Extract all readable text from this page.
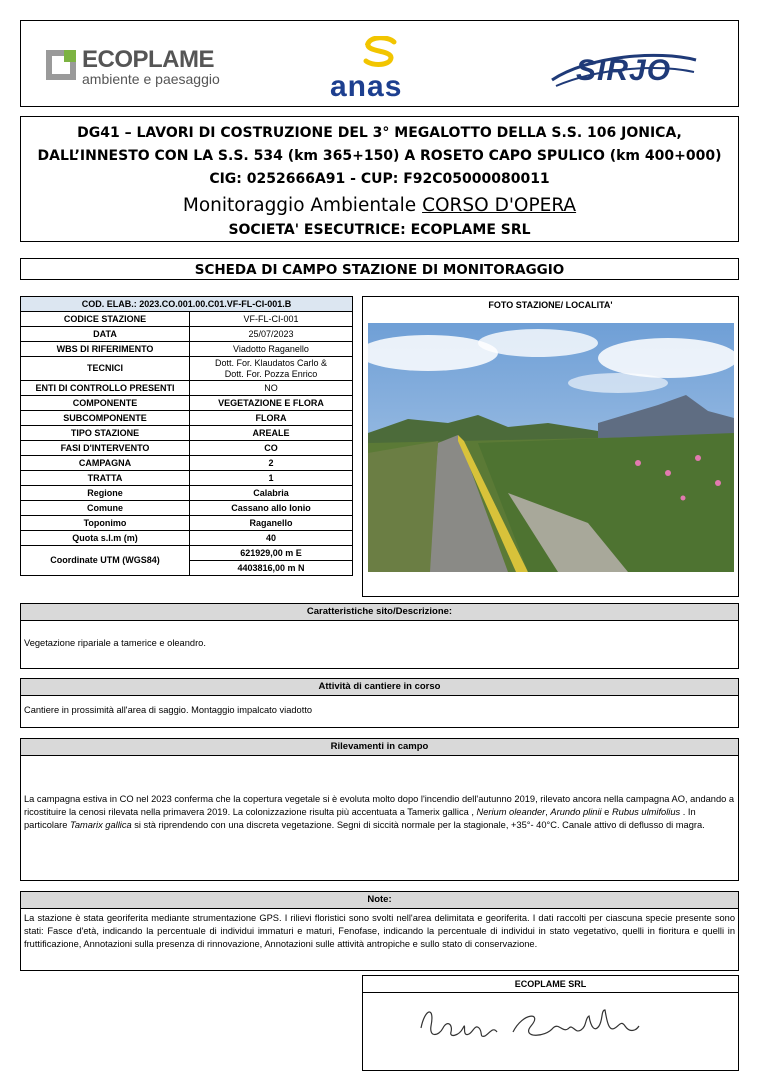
ECOPLAME
ambiente e paesaggio	anas	SIRJO
DG41 – LAVORI DI COSTRUZIONE DEL 3° MEGALOTTO DELLA S.S. 106 JONICA,
DALL’INNESTO CON LA S.S. 534 (km 365+150) A ROSETO CAPO SPULICO (km 400+000)
CIG: 0252666A91 - CUP: F92C05000080011
Monitoraggio Ambientale CORSO D'OPERA
SOCIETA' ESECUTRICE: ECOPLAME SRL
SCHEDA DI CAMPO STAZIONE DI MONITORAGGIO
COD. ELAB.: 2023.CO.001.00.C01.VF-FL-CI-001.B	
CODICE STAZIONE	VF-FL-CI-001
DATA	25/07/2023
WBS DI RIFERIMENTO	Viadotto Raganello
TECNICI	Dott. For. Klaudatos Carlo &
Dott. For. Pozza Enrico

ENTI DI CONTROLLO PRESENTI	NO
COMPONENTE	VEGETAZIONE E FLORA
SUBCOMPONENTE	FLORA
TIPO STAZIONE	AREALE
FASI D'INTERVENTO	CO
CAMPAGNA	2
TRATTA	1
Regione	Calabria
Comune	Cassano allo Ionio
Toponimo	Raganello
Quota s.l.m (m)	40
Coordinate UTM (WGS84)	621929,00 m E
	4403816,00 m N
FOTO STAZIONE/ LOCALITA'
Caratteristiche sito/Descrizione:
Vegetazione ripariale a tamerice e oleandro.
Attività di cantiere in corso
Cantiere in prossimità all'area di saggio. Montaggio impalcato viadotto
Rilevamenti in campo
La campagna estiva in CO nel 2023 conferma che la copertura vegetale si è evoluta molto dopo l'incendio dell'autunno 2019, rilevato ancora nella campagna AO, andando a ricostituire la cenosi rilevata nella primavera 2019. La colonizzazione risulta più accentuata a Tamerix gallica , Nerium oleander, Arundo plinii e Rubus ulmifolius . In particolare Tamarix gallica si stà riprendendo con una discreta vegetazione. Segni di siccità normale per la stagionale, +35°- 40°C. Canale attivo di deflusso di magra.
Note:
La stazione è stata georiferita mediante strumentazione GPS. I rilievi floristici sono svolti nell'area delimitata e georiferita. I dati raccolti per ciascuna specie presente sono stati: Fasce d'età, indicando la percentuale di individui immaturi e maturi, Fenofase, indicando la percentuale di individui in stato vegetativo, quelli in fioritura e quelli in fruttificazione, Annotazioni sulla presenza di rinnovazione, Annotazioni sulle attività antropiche e sullo stato di conservazione.
ECOPLAME SRL
